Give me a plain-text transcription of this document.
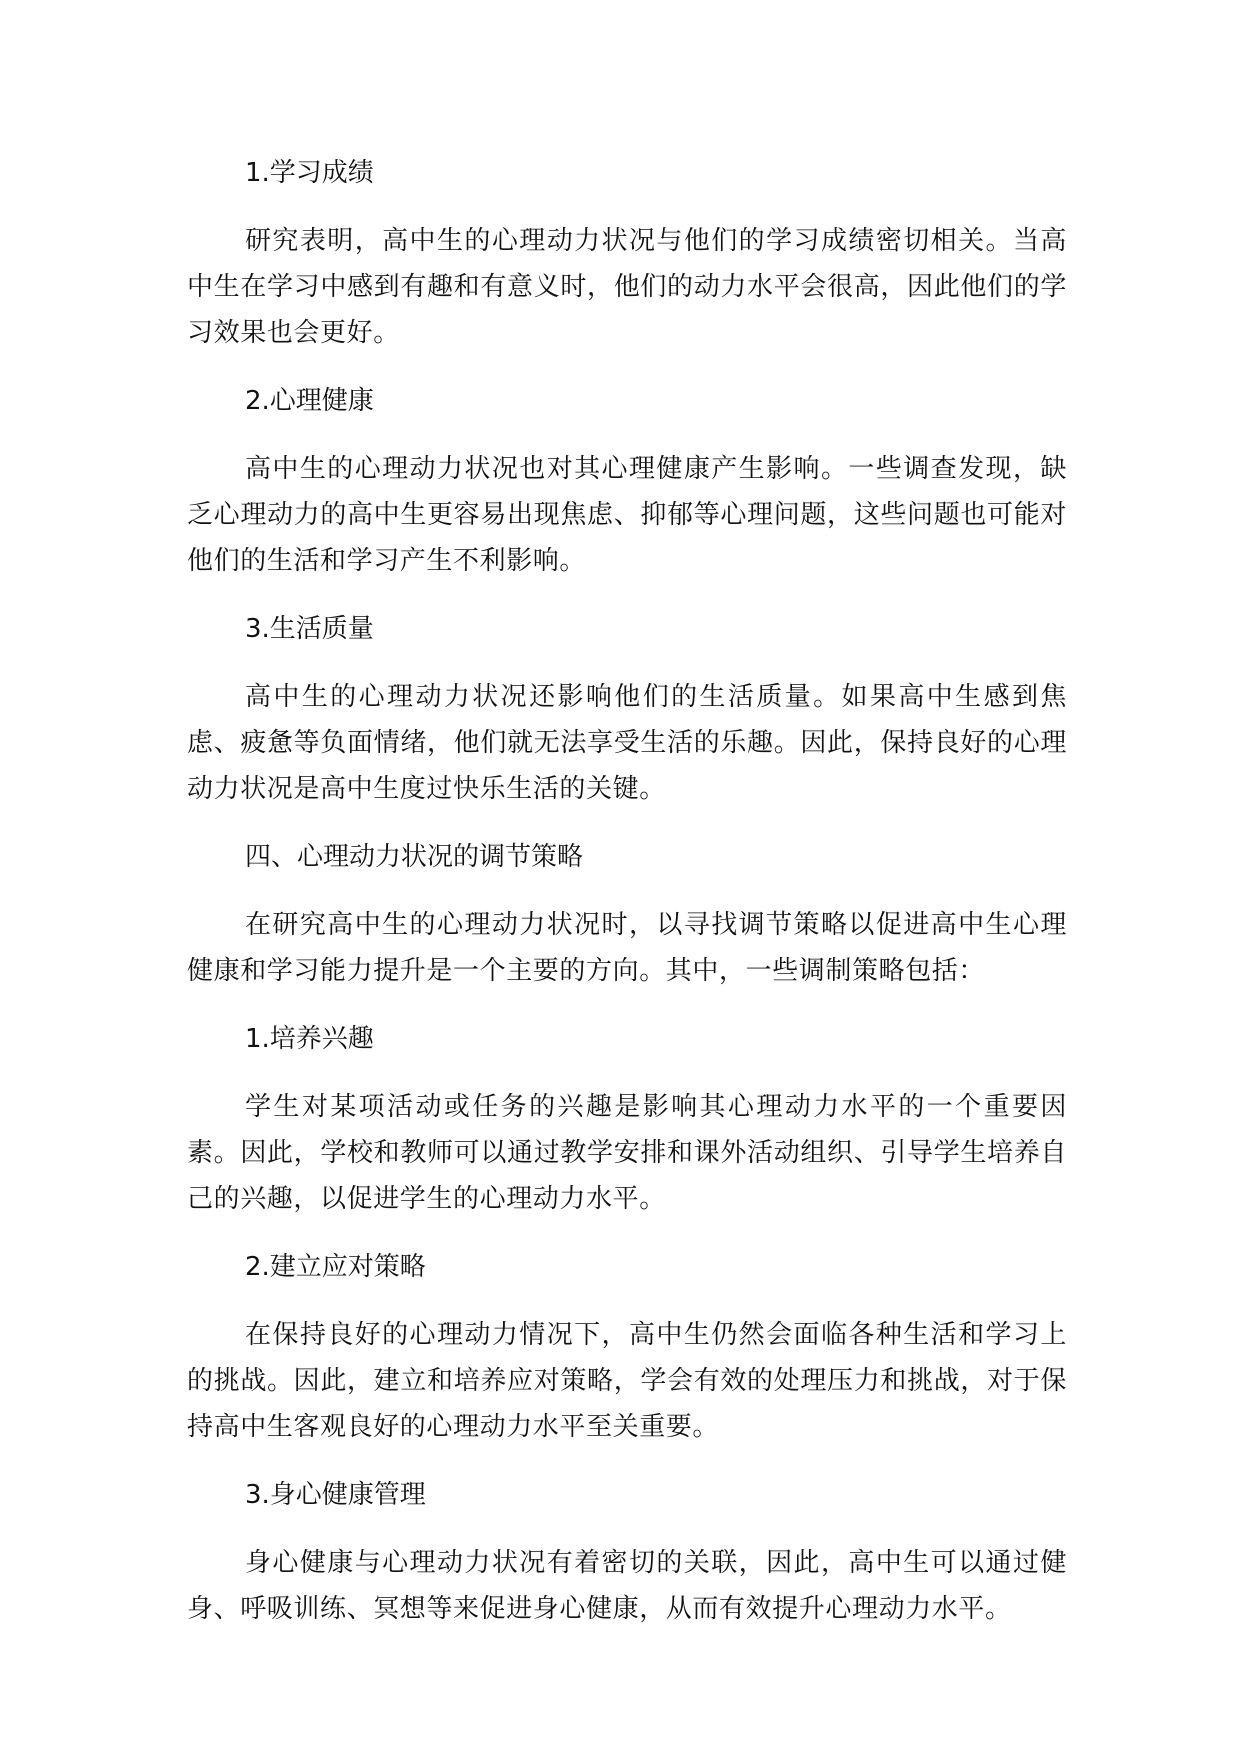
1.学习成绩
研究表明，高中生的心理动力状况与他们的学习成绩密切相关。当高中生在学习中感到有趣和有意义时，他们的动力水平会很高，因此他们的学习效果也会更好。
2.心理健康
高中生的心理动力状况也对其心理健康产生影响。一些调查发现，缺乏心理动力的高中生更容易出现焦虑、抑郁等心理问题，这些问题也可能对他们的生活和学习产生不利影响。
3.生活质量
高中生的心理动力状况还影响他们的生活质量。如果高中生感到焦虑、疲惫等负面情绪，他们就无法享受生活的乐趣。因此，保持良好的心理动力状况是高中生度过快乐生活的关键。
四、心理动力状况的调节策略
在研究高中生的心理动力状况时，以寻找调节策略以促进高中生心理健康和学习能力提升是一个主要的方向。其中，一些调制策略包括：
1.培养兴趣
学生对某项活动或任务的兴趣是影响其心理动力水平的一个重要因素。因此，学校和教师可以通过教学安排和课外活动组织、引导学生培养自己的兴趣，以促进学生的心理动力水平。
2.建立应对策略
在保持良好的心理动力情况下，高中生仍然会面临各种生活和学习上的挑战。因此，建立和培养应对策略，学会有效的处理压力和挑战，对于保持高中生客观良好的心理动力水平至关重要。
3.身心健康管理
身心健康与心理动力状况有着密切的关联，因此，高中生可以通过健身、呼吸训练、冥想等来促进身心健康，从而有效提升心理动力水平。
